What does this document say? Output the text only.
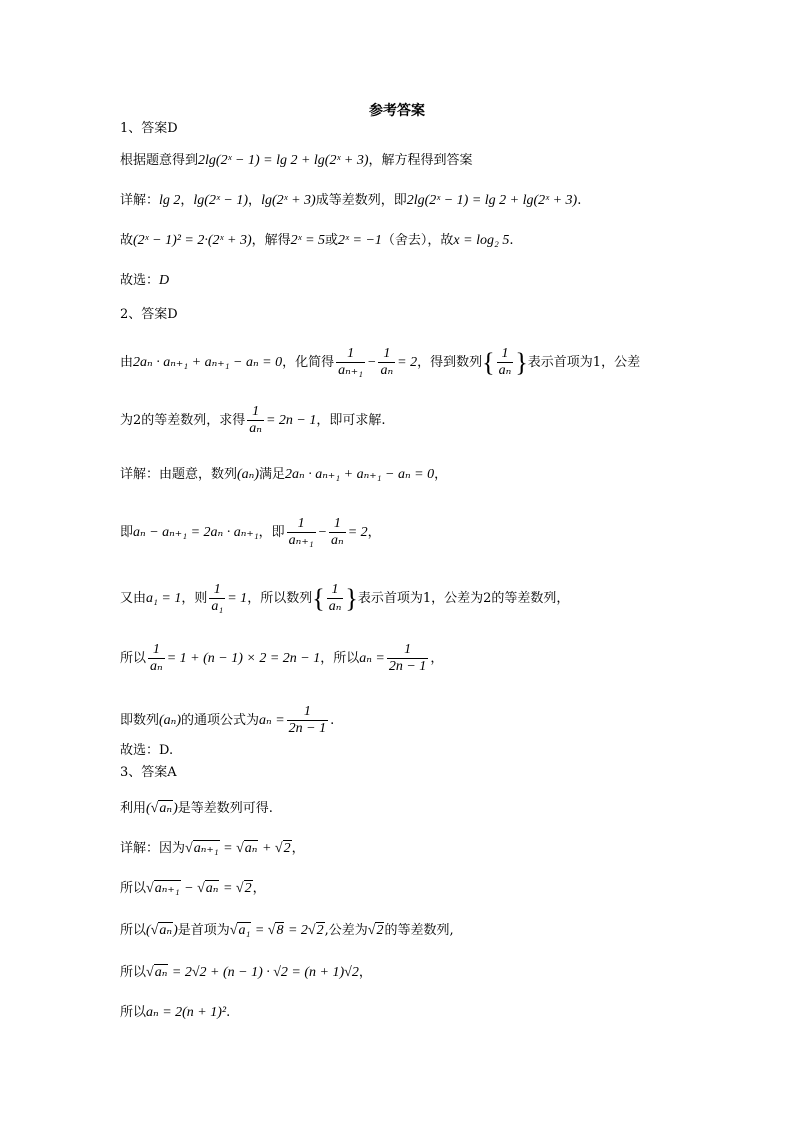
参考答案
1、答案D
根据题意得到2lg(2ˣ − 1) = lg 2 + lg(2ˣ + 3)，解方程得到答案
详解：lg 2，lg(2ˣ − 1)，lg(2ˣ + 3)成等差数列，即2lg(2ˣ − 1) = lg 2 + lg(2ˣ + 3).
故(2ˣ − 1)² = 2·(2ˣ + 3)，解得2ˣ = 5或2ˣ = −1（舍去），故x = log₂ 5.
故选：D
2、答案D
由2aₙ · aₙ₊₁ + aₙ₊₁ − aₙ = 0，化简得 $\frac{1}{\text{aₙ₊₁}} - \frac{1}{\text{aₙ}} = 2$，得到数列{ $\frac{1}{\text{aₙ}}$ }表示首项为1，公差
为2的等差数列，求得 $\frac{1}{\text{aₙ}} = 2n - 1$，即可求解.
详解：由题意，数列(aₙ)满足2aₙ · aₙ₊₁ + aₙ₊₁ − aₙ = 0，
即aₙ − aₙ₊₁ = 2aₙ · aₙ₊₁，即 $\frac{1}{\text{aₙ₊₁}} - \frac{1}{\text{aₙ}} = 2$，
又由a₁ = 1，则 $\frac{1}{\text{a₁}} = 1$，所以数列{ $\frac{1}{\text{aₙ}}$ }表示首项为1，公差为2的等差数列，
所以 $\frac{1}{\text{aₙ}} = 1 + (n - 1) \times 2 = 2n - 1$，所以$a_n = \frac{1}{2n - 1}$ ，
即数列(aₙ)的通项公式为$a_n = \frac{1}{2n - 1}$ .
故选：D.
3、答案A
利用(√aₙ)是等差数列可得.
详解：因为√aₙ₊₁ = √aₙ + √2，
所以√aₙ₊₁ − √aₙ = √2，
所以(√aₙ)是首项为√a₁ = √8 = 2√2,公差为√2的等差数列,
所以√aₙ = 2√2 + (n − 1) · √2 = (n + 1)√2，
所以aₙ = 2(n + 1)².
